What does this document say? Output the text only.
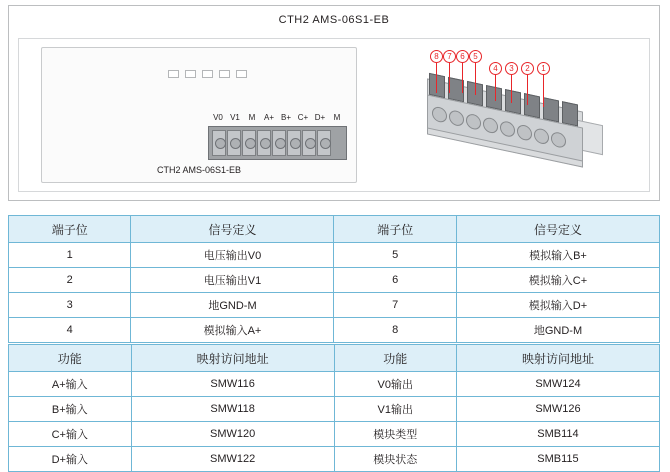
CTH2 AMS-06S1-EB
V0 V1	M	A+ B+ C+ D+	M
CTH2 AMS-06S1-EB
8	7	6	5
4	3	2	1
端子位	信号定义	端子位	信号定义
1	电压输出V0	5	模拟输入B+
2	电压输出V1	6	模拟输入C+
3	地GND-M	7	模拟输入D+
4	模拟输入A+	8	地GND-M
功能	映射访问地址	功能	映射访问地址
A+输入	SMW116	V0输出	SMW124
B+输入	SMW118	V1输出	SMW126
C+输入	SMW120	模块类型	SMB114
D+输入	SMW122	模块状态	SMB115
